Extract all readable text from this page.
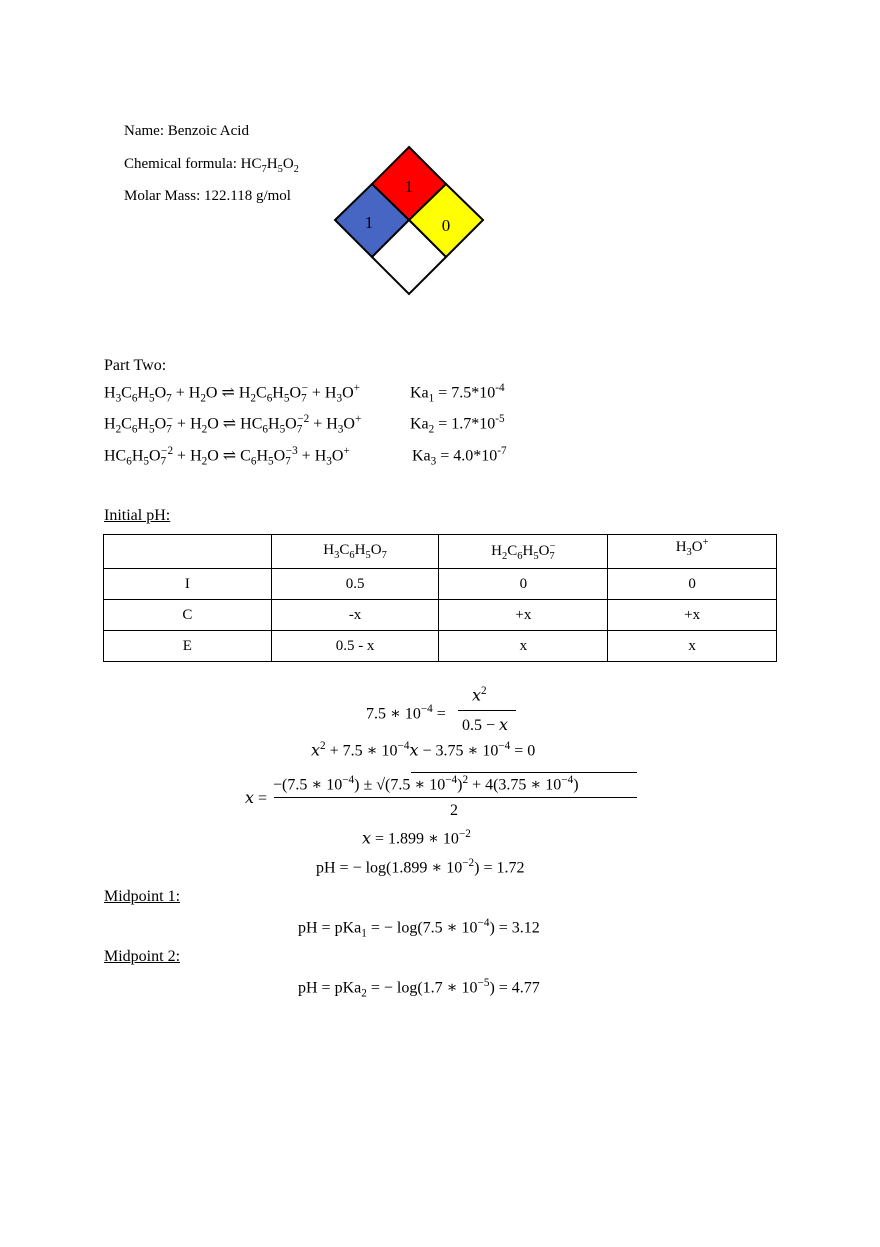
Name: Benzoic Acid
Chemical formula: $HC_7H_5O_2$
Molar Mass: 122.118 g/mol	1
1	0
Part Two:
$H_3C_6H_5O_7 + H_2O$ ⇌ $H_2C_6H_5O_7^- + H_3O^+$	$Ka_1 = 7.5*10^{-4}$
$H_2C_6H_5O_7^- + H_2O$ ⇌ $HC_6H_5O_7^{-2} + H_3O^+$	$Ka_2 = 1.7*10^{-5}$
$HC_6H_5O_7^{-2} + H_2O$ ⇌ $C_6H_5O_7^{-3} + H_3O^+$	$Ka_3 = 4.0*10^{-7}$
Initial pH:
	$H_3C_6H_5O_7$	$H_2C_6H_5O_7^-$	$H_3O^+$
I	0.5	0	0
C	-x	+x	+x
E	0.5 - x	x	x
7.5 ∗ $10^{-4}$ =
$x^2$
0.5 − x
$x^2 + 7.5$ ∗ $10^{-4}x - 3.75$ ∗ $10^{-4} = 0$
x =
−(7.5 ∗ $10^{-4}) \pm √(7.5$ ∗ $10^{-4})^2 + 4(3.75$ ∗ $10^{-4}$)
2
x = 1.899 ∗ $10^{-2}$
pH = − log(1.899 ∗ $10^{-2}) = 1.72$
Midpoint 1:
pH = pKa$_1$ = − log(7.5 ∗ $10^{-4}) = 3.12$
Midpoint 2:
pH = pKa$_2$ = − log(1.7 ∗ $10^{-5}) = 4.77$
